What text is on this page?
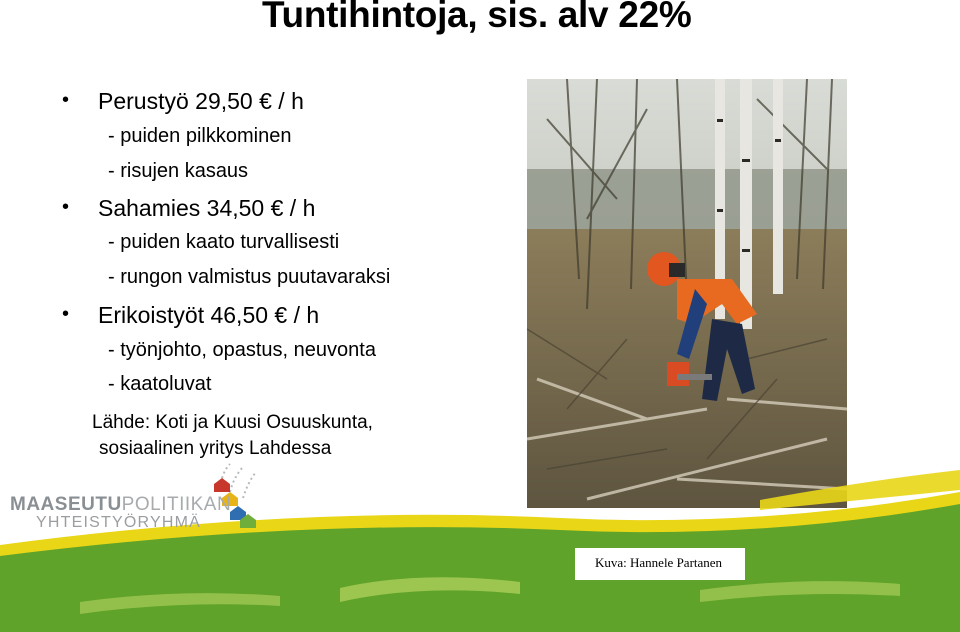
Tuntihintoja, sis. alv 22%
• Perustyö 29,50 € / h
- puiden pilkkominen
- risujen kasaus
• Sahamies 34,50 € / h
- puiden kaato turvallisesti
- rungon valmistus puutavaraksi
• Erikoistyöt 46,50 € / h
- työnjohto, opastus, neuvonta
- kaatoluvat
Lähde: Koti ja Kuusi Osuuskunta,
sosiaalinen yritys Lahdessa
MAASEUTUPOLITIIKAN
YHTEISTYÖRYHMÄ
Kuva: Hannele Partanen
